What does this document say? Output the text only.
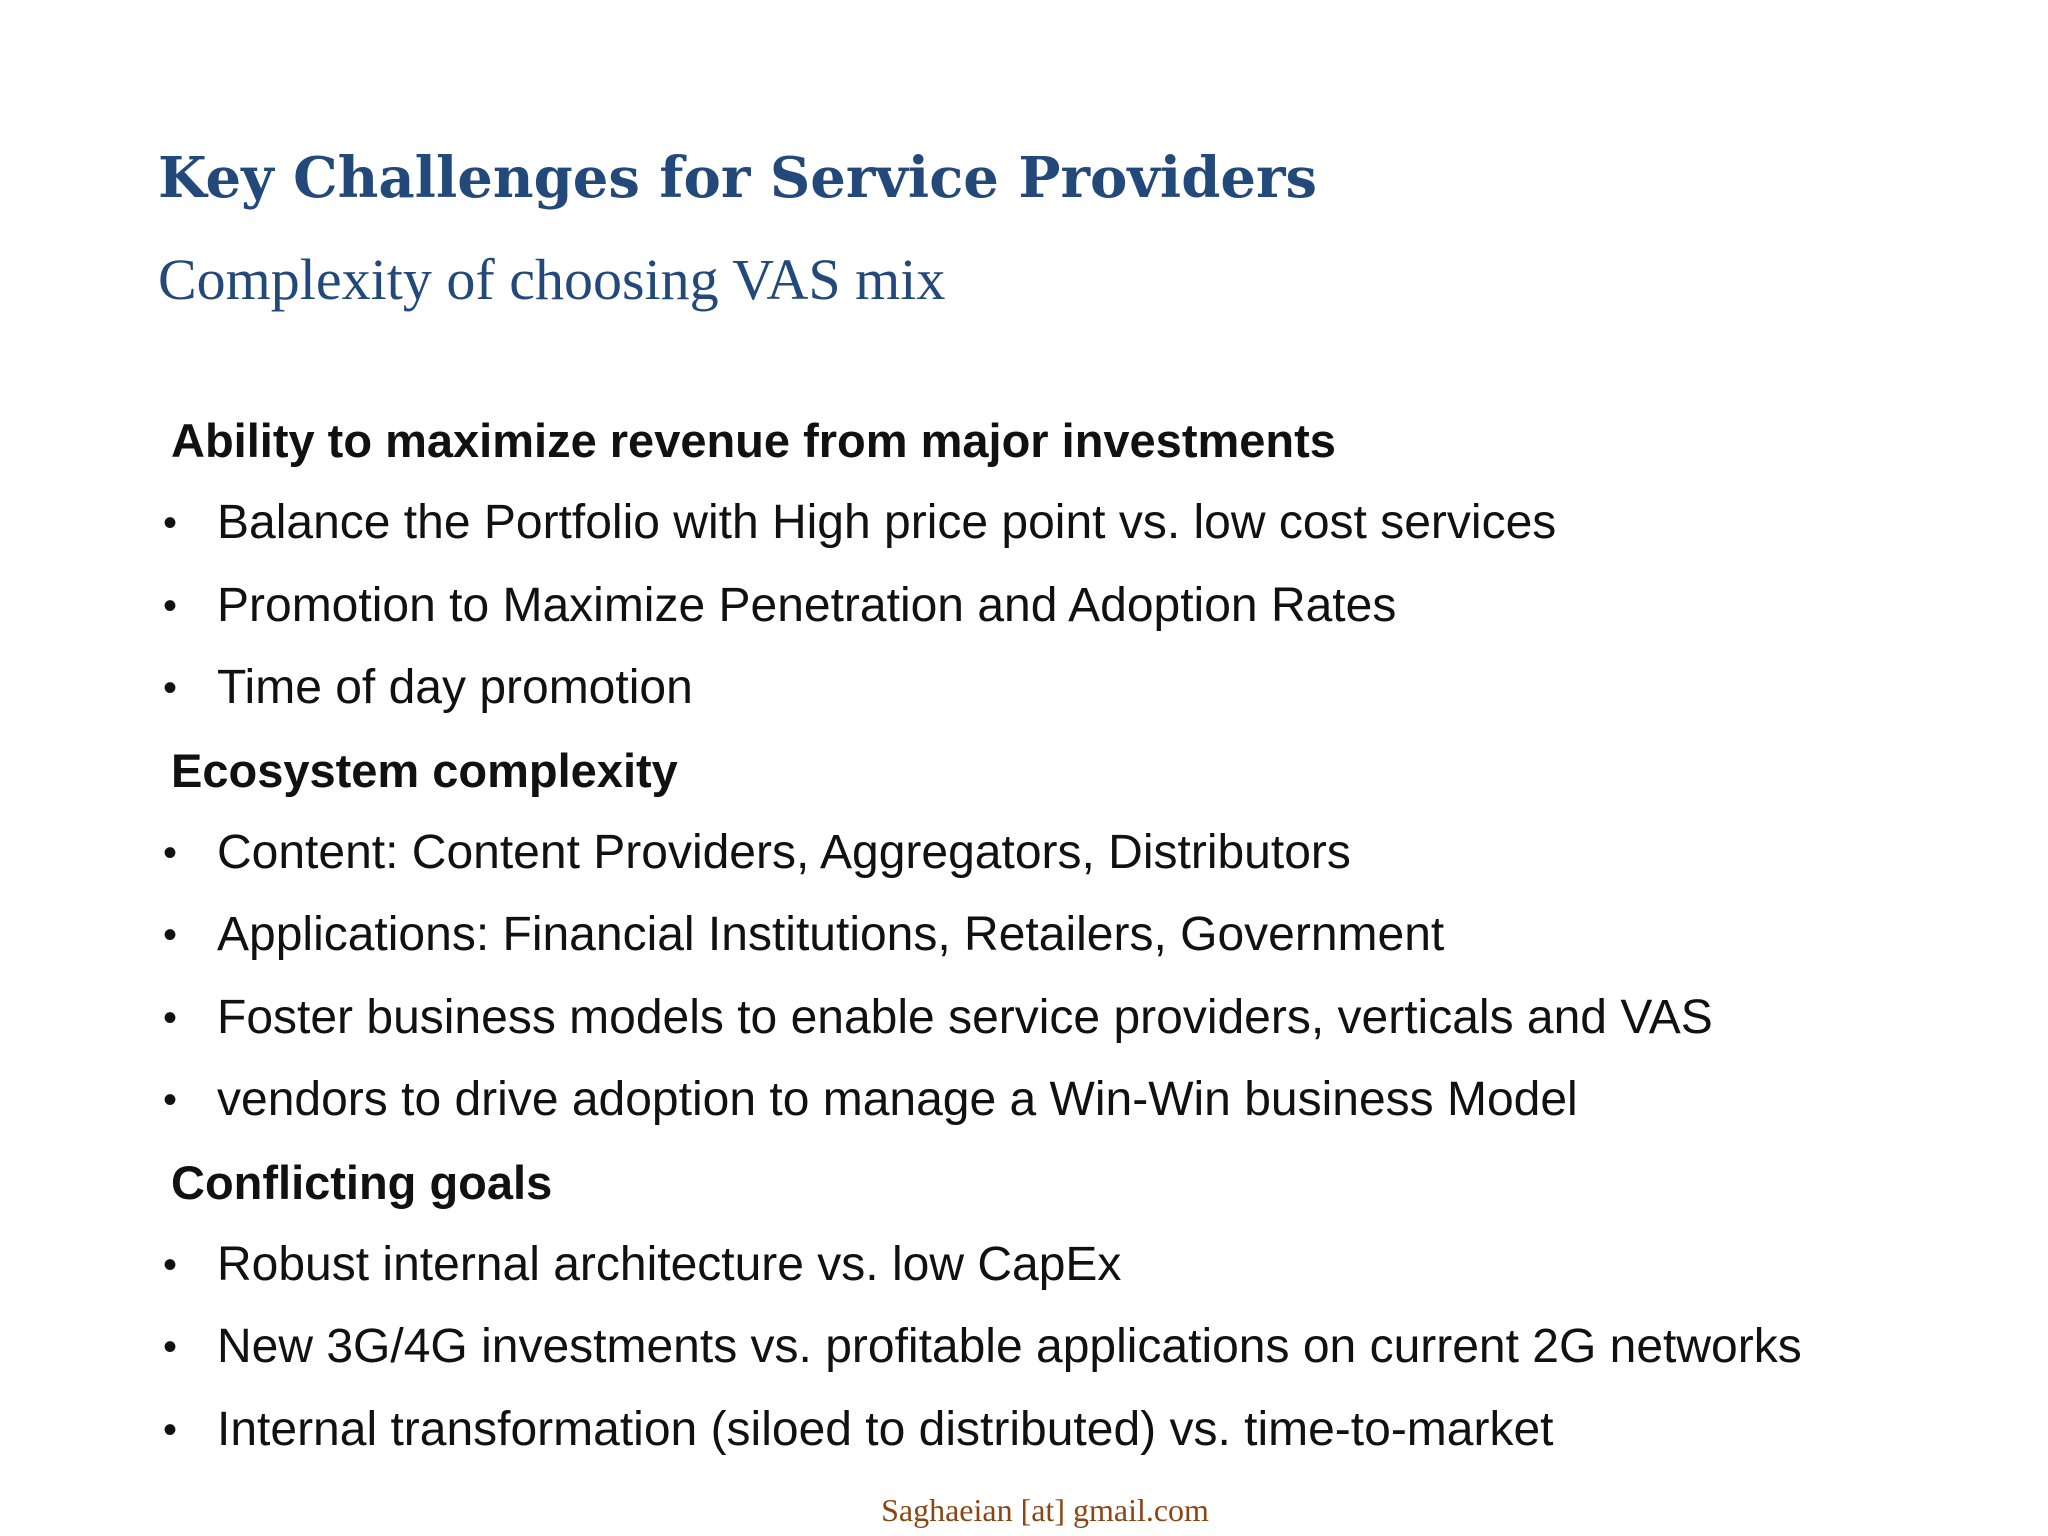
Key Challenges for Service Providers
Complexity of choosing VAS mix
Ability to maximize revenue from major investments
• Balance the Portfolio with High price point vs. low cost services
• Promotion to Maximize Penetration and Adoption Rates
• Time of day promotion
Ecosystem complexity
• Content: Content Providers, Aggregators, Distributors
• Applications: Financial Institutions, Retailers, Government
• Foster business models to enable service providers, verticals and VAS
• vendors to drive adoption to manage a Win-Win business Model
Conflicting goals
• Robust internal architecture vs. low CapEx
• New 3G/4G investments vs. profitable applications on current 2G networks
• Internal transformation (siloed to distributed) vs. time-to-market
Saghaeian [at] gmail.com
